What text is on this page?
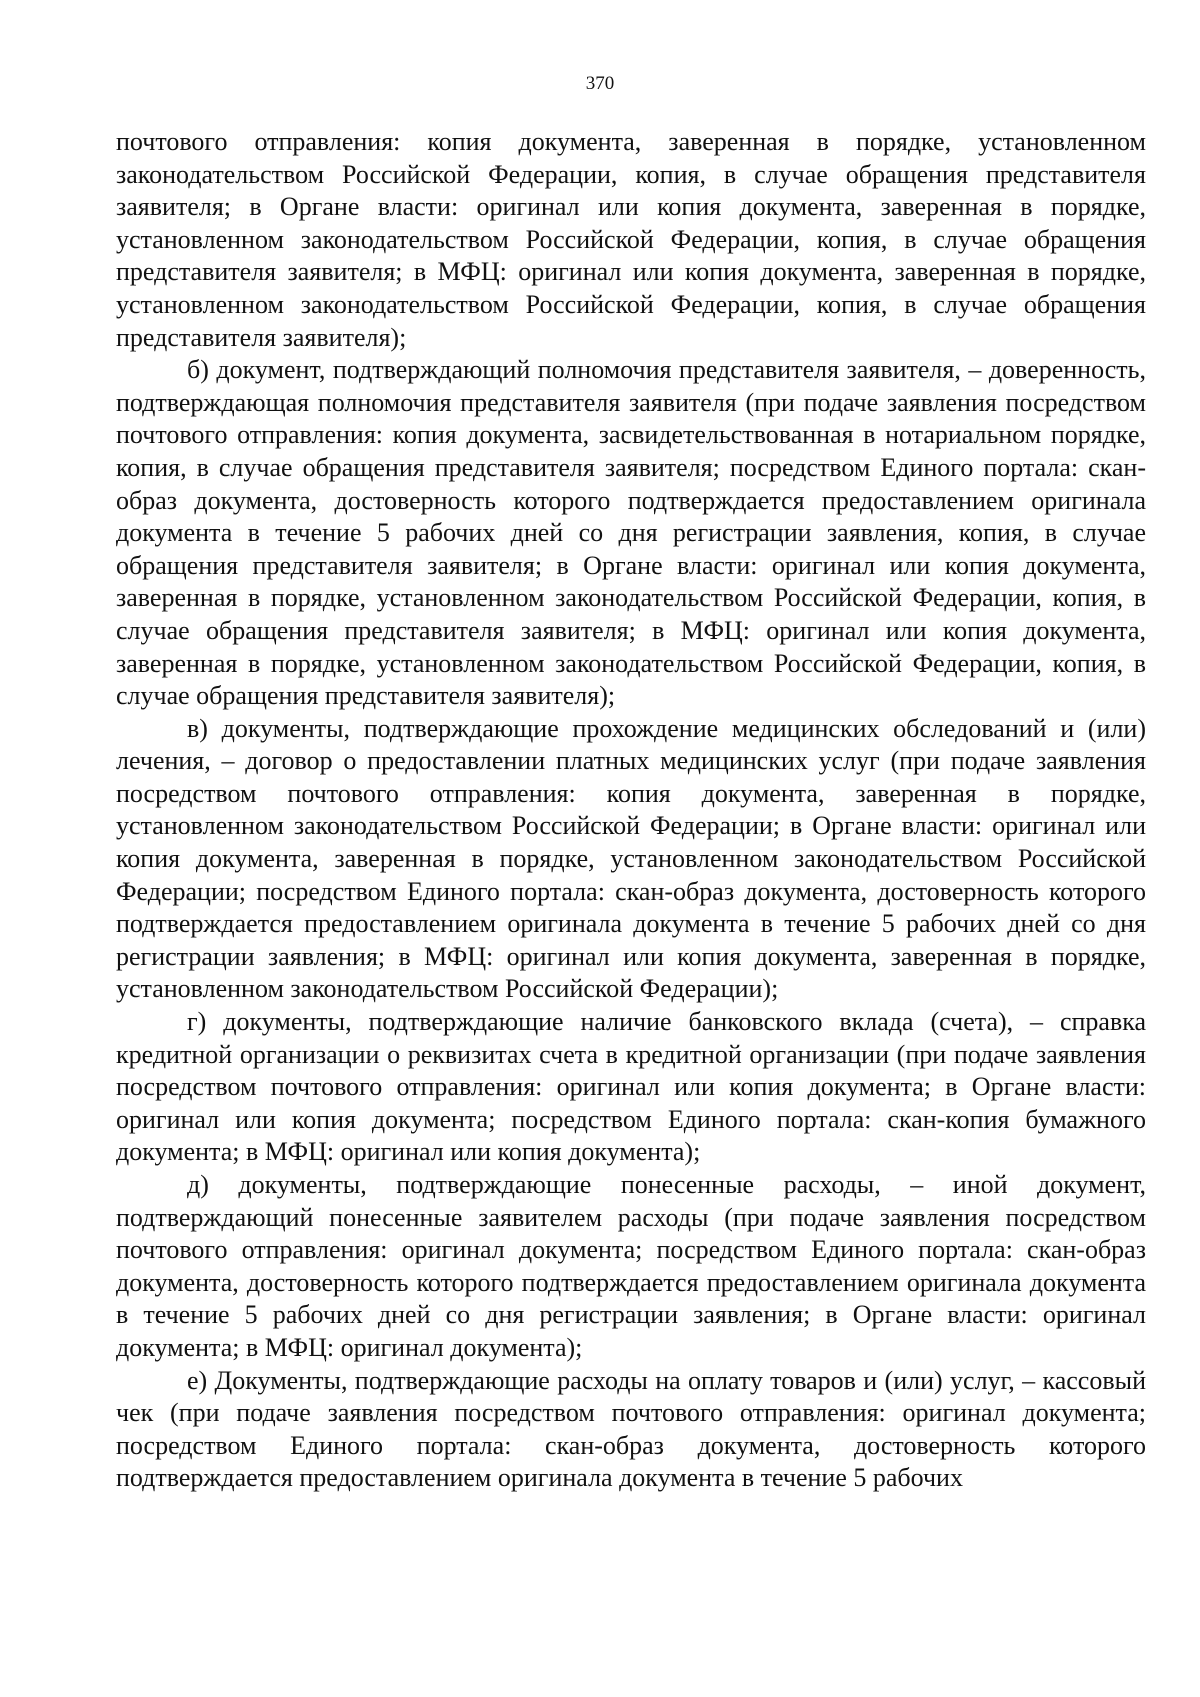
370

почтового отправления: копия документа, заверенная в порядке, установленном законодательством Российской Федерации, копия, в случае обращения представителя заявителя; в Органе власти: оригинал или копия документа, заверенная в порядке, установленном законодательством Российской Федерации, копия, в случае обращения представителя заявителя; в МФЦ: оригинал или копия документа, заверенная в порядке, установленном законодательством Российской Федерации, копия, в случае обращения представителя заявителя);

б) документ, подтверждающий полномочия представителя заявителя, – доверенность, подтверждающая полномочия представителя заявителя (при подаче заявления посредством почтового отправления: копия документа, засвидетельствованная в нотариальном порядке, копия, в случае обращения представителя заявителя; посредством Единого портала: скан-образ документа, достоверность которого подтверждается предоставлением оригинала документа в течение 5 рабочих дней со дня регистрации заявления, копия, в случае обращения представителя заявителя; в Органе власти: оригинал или копия документа, заверенная в порядке, установленном законодательством Российской Федерации, копия, в случае обращения представителя заявителя; в МФЦ: оригинал или копия документа, заверенная в порядке, установленном законодательством Российской Федерации, копия, в случае обращения представителя заявителя);

в) документы, подтверждающие прохождение медицинских обследований и (или) лечения, – договор о предоставлении платных медицинских услуг (при подаче заявления посредством почтового отправления: копия документа, заверенная в порядке, установленном законодательством Российской Федерации; в Органе власти: оригинал или копия документа, заверенная в порядке, установленном законодательством Российской Федерации; посредством Единого портала: скан-образ документа, достоверность которого подтверждается предоставлением оригинала документа в течение 5 рабочих дней со дня регистрации заявления; в МФЦ: оригинал или копия документа, заверенная в порядке, установленном законодательством Российской Федерации);

г) документы, подтверждающие наличие банковского вклада (счета), – справка кредитной организации о реквизитах счета в кредитной организации (при подаче заявления посредством почтового отправления: оригинал или копия документа; в Органе власти: оригинал или копия документа; посредством Единого портала: скан-копия бумажного документа; в МФЦ: оригинал или копия документа);

д) документы, подтверждающие понесенные расходы, – иной документ, подтверждающий понесенные заявителем расходы (при подаче заявления посредством почтового отправления: оригинал документа; посредством Единого портала: скан-образ документа, достоверность которого подтверждается предоставлением оригинала документа в течение 5 рабочих дней со дня регистрации заявления; в Органе власти: оригинал документа; в МФЦ: оригинал документа);

е) Документы, подтверждающие расходы на оплату товаров и (или) услуг, – кассовый чек (при подаче заявления посредством почтового отправления: оригинал документа; посредством Единого портала: скан-образ документа, достоверность которого подтверждается предоставлением оригинала документа в течение 5 рабочих
